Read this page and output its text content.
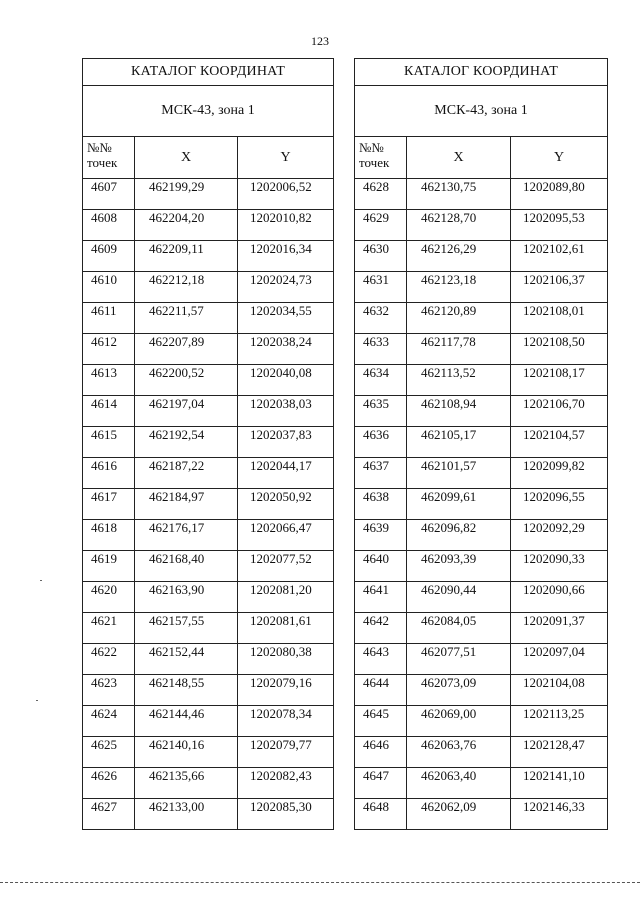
123
КАТАЛОГ КООРДИНАТ		
МСК-43, зона 1		
№№
точек	X	Y
4607	462199,29	1202006,52
4608	462204,20	1202010,82
4609	462209,11	1202016,34
4610	462212,18	1202024,73
4611	462211,57	1202034,55
4612	462207,89	1202038,24
4613	462200,52	1202040,08
4614	462197,04	1202038,03
4615	462192,54	1202037,83
4616	462187,22	1202044,17
4617	462184,97	1202050,92
4618	462176,17	1202066,47
4619	462168,40	1202077,52
4620	462163,90	1202081,20
4621	462157,55	1202081,61
4622	462152,44	1202080,38
4623	462148,55	1202079,16
4624	462144,46	1202078,34
4625	462140,16	1202079,77
4626	462135,66	1202082,43
4627	462133,00	1202085,30
КАТАЛОГ КООРДИНАТ		
МСК-43, зона 1		
№№
точек	X	Y
4628	462130,75	1202089,80
4629	462128,70	1202095,53
4630	462126,29	1202102,61
4631	462123,18	1202106,37
4632	462120,89	1202108,01
4633	462117,78	1202108,50
4634	462113,52	1202108,17
4635	462108,94	1202106,70
4636	462105,17	1202104,57
4637	462101,57	1202099,82
4638	462099,61	1202096,55
4639	462096,82	1202092,29
4640	462093,39	1202090,33
4641	462090,44	1202090,66
4642	462084,05	1202091,37
4643	462077,51	1202097,04
4644	462073,09	1202104,08
4645	462069,00	1202113,25
4646	462063,76	1202128,47
4647	462063,40	1202141,10
4648	462062,09	1202146,33
